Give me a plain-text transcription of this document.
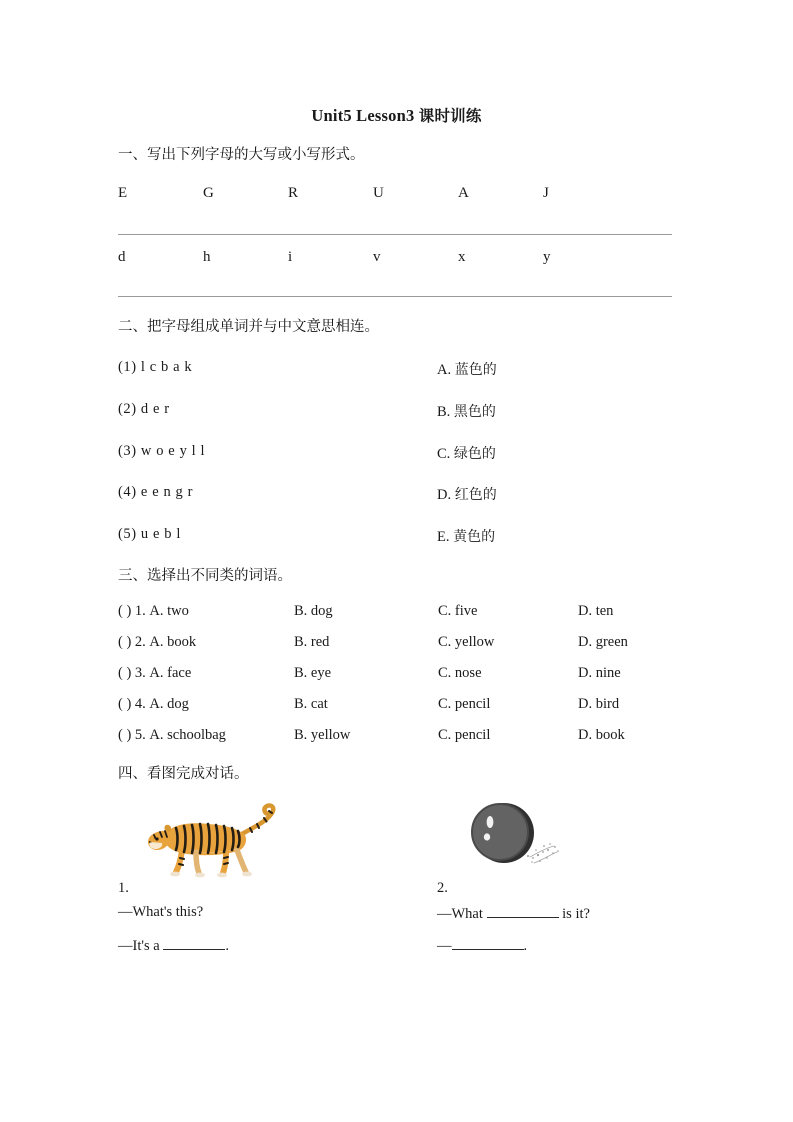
Unit5 Lesson3 课时训练
一、写出下列字母的大写或小写形式。
E	G	R	U	A	J
d	h	i	v	x	y
二、把字母组成单词并与中文意思相连。
(1) l c b a k
(2) d e r
(3) w o e y l l
(4) e e n g r
(5) u e b l
A. 蓝色的
B. 黑色的
C. 绿色的
D. 红色的
E. 黄色的
三、选择出不同类的词语。
( ) 1. A. two	B. dog	C. five	D. ten
( ) 2. A. book	B. red	C. yellow	D. green
( ) 3. A. face	B. eye	C. nose	D. nine
( ) 4. A. dog	B. cat	C. pencil	D. bird
( ) 5. A. schoolbag	B. yellow	C. pencil	D. book
四、看图完成对话。
1.
—What's this?
—It's a	.
2.
—What	is it?
—	.
